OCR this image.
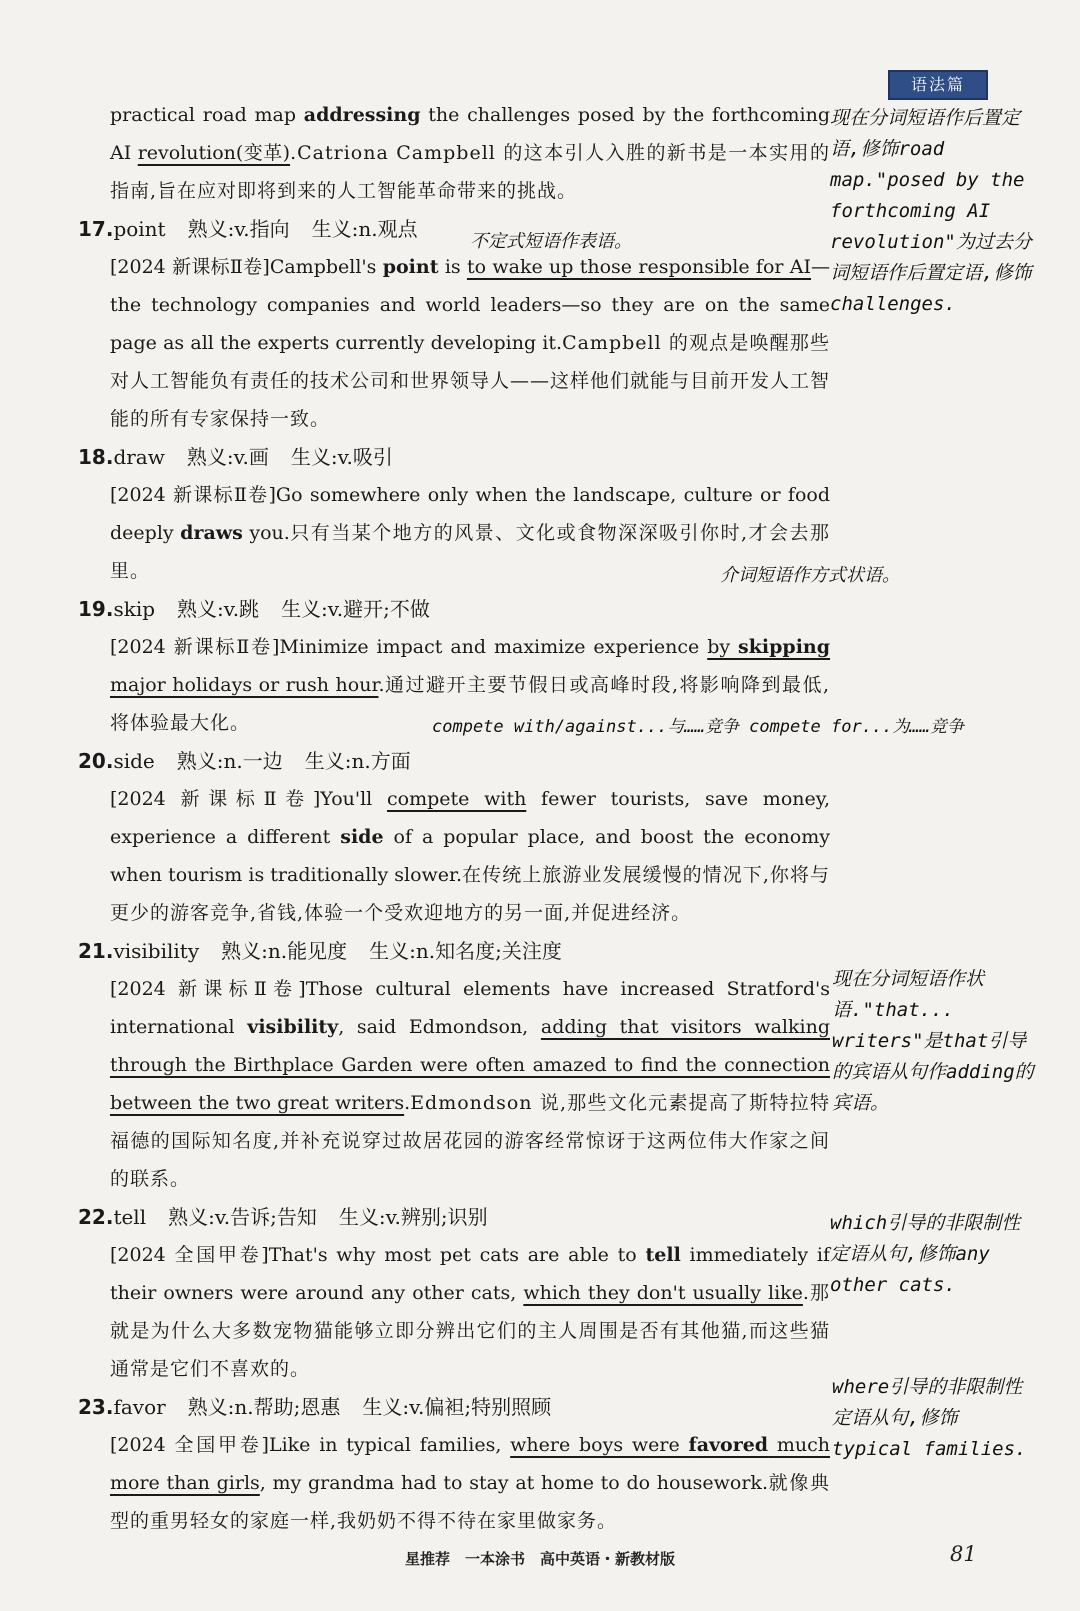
语法篇
practical road map addressing the challenges posed by the forthcoming AI revolution(变革).Catriona Campbell 的这本引人入胜的新书是一本实用的指南,旨在应对即将到来的人工智能革命带来的挑战。
17.point 熟义:v.指向 生义:n.观点
[2024 新课标Ⅱ卷]Campbell's point is to wake up those responsible for AI—the technology companies and world leaders—so they are on the same page as all the experts currently developing it.Campbell 的观点是唤醒那些对人工智能负有责任的技术公司和世界领导人——这样他们就能与目前开发人工智能的所有专家保持一致。
18.draw 熟义:v.画 生义:v.吸引
[2024 新课标Ⅱ卷]Go somewhere only when the landscape, culture or food deeply draws you.只有当某个地方的风景、文化或食物深深吸引你时,才会去那里。
19.skip 熟义:v.跳 生义:v.避开;不做
[2024 新课标Ⅱ卷]Minimize impact and maximize experience by skipping major holidays or rush hour.通过避开主要节假日或高峰时段,将影响降到最低,将体验最大化。
20.side 熟义:n.一边 生义:n.方面
[2024 新课标Ⅱ卷]You'll compete with fewer tourists, save money, experience a different side of a popular place, and boost the economy when tourism is traditionally slower.在传统上旅游业发展缓慢的情况下,你将与更少的游客竞争,省钱,体验一个受欢迎地方的另一面,并促进经济。
21.visibility 熟义:n.能见度 生义:n.知名度;关注度
[2024 新课标Ⅱ卷]Those cultural elements have increased Stratford's international visibility, said Edmondson, adding that visitors walking through the Birthplace Garden were often amazed to find the connection between the two great writers.Edmondson 说,那些文化元素提高了斯特拉特福德的国际知名度,并补充说穿过故居花园的游客经常惊讶于这两位伟大作家之间的联系。
22.tell 熟义:v.告诉;告知 生义:v.辨别;识别
[2024 全国甲卷]That's why most pet cats are able to tell immediately if their owners were around any other cats, which they don't usually like.那就是为什么大多数宠物猫能够立即分辨出它们的主人周围是否有其他猫,而这些猫通常是它们不喜欢的。
23.favor 熟义:n.帮助;恩惠 生义:v.偏袒;特别照顾
[2024 全国甲卷]Like in typical families, where boys were favored much more than girls, my grandma had to stay at home to do housework.就像典型的重男轻女的家庭一样,我奶奶不得不待在家里做家务。
现在分词短语作后置定语,修饰road map."posed by the forthcoming AI revolution"为过去分词短语作后置定语,修饰challenges.
不定式短语作表语。
介词短语作方式状语。
compete with/against...与……竞争 compete for...为……竞争
现在分词短语作状语."that... writers"是that引导的宾语从句作adding的宾语。
which引导的非限制性定语从句,修饰any other cats.
where引导的非限制性定语从句,修饰typical families.
星推荐　一本涂书　高中英语・新教材版	81
